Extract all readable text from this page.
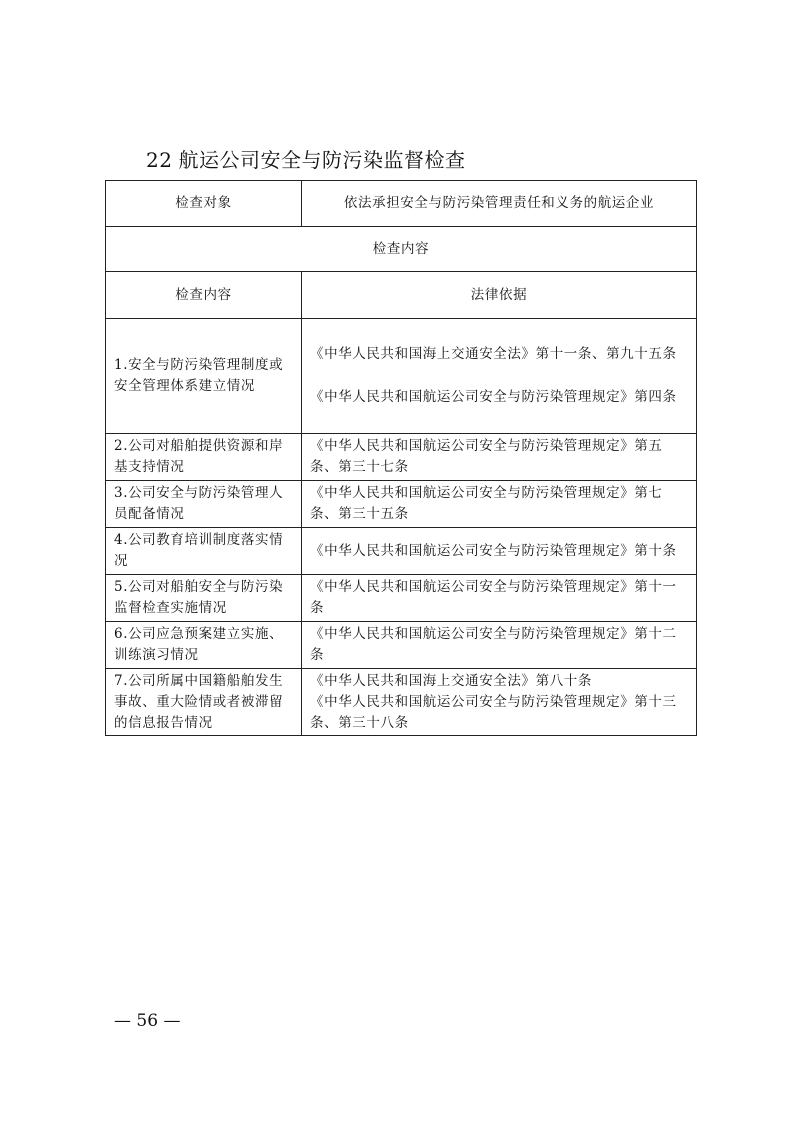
22 航运公司安全与防污染监督检查
检查对象	依法承担安全与防污染管理责任和义务的航运企业
检查内容	
检查内容	法律依据
1.安全与防污染管理制度或安全管理体系建立情况	《中华人民共和国海上交通安全法》第十一条、第九十五条
《中华人民共和国航运公司安全与防污染管理规定》第四条

2.公司对船舶提供资源和岸基支持情况	《中华人民共和国航运公司安全与防污染管理规定》第五条、第三十七条

3.公司安全与防污染管理人员配备情况	《中华人民共和国航运公司安全与防污染管理规定》第七条、第三十五条

4.公司教育培训制度落实情况	《中华人民共和国航运公司安全与防污染管理规定》第十条

5.公司对船舶安全与防污染监督检查实施情况	《中华人民共和国航运公司安全与防污染管理规定》第十一条

6.公司应急预案建立实施、训练演习情况	《中华人民共和国航运公司安全与防污染管理规定》第十二条

7.公司所属中国籍船舶发生事故、重大险情或者被滞留的信息报告情况	《中华人民共和国海上交通安全法》第八十条
《中华人民共和国航运公司安全与防污染管理规定》第十三条、第三十八条
— 56 —
